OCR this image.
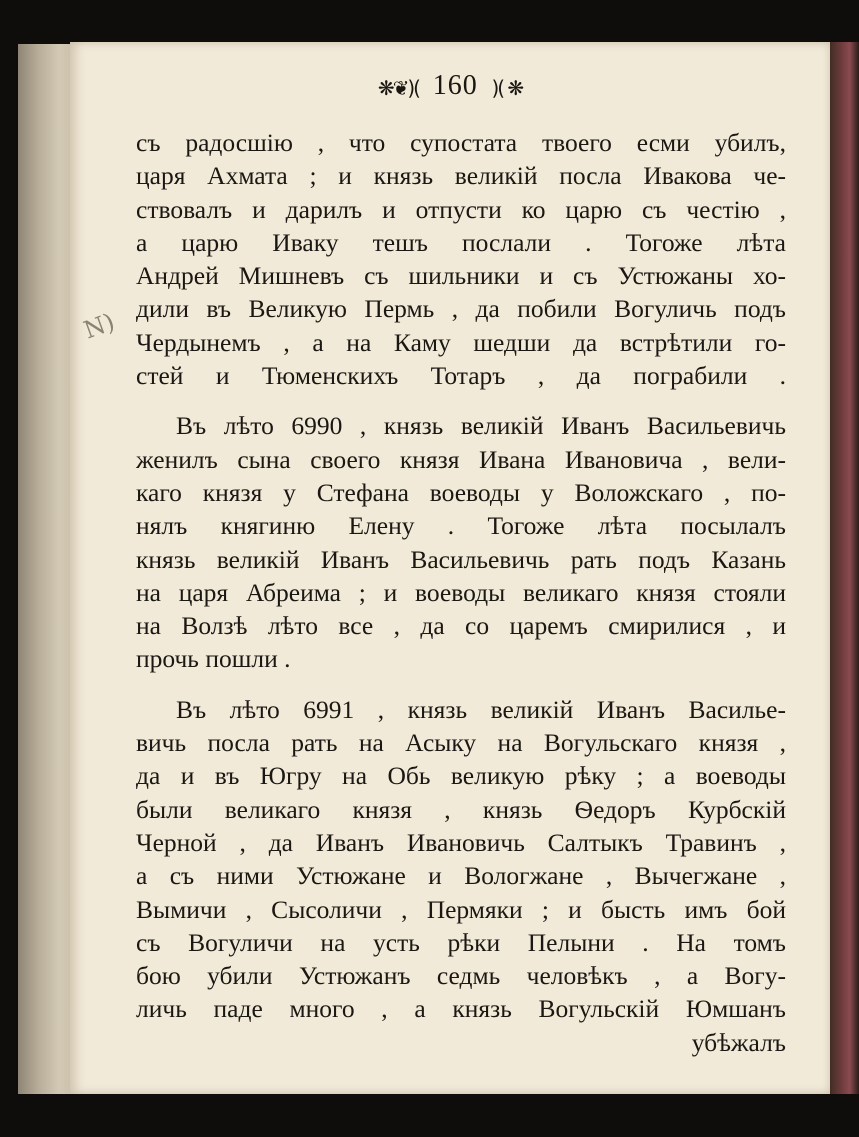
❋❦)( 160 )( ❋
N)
съ радосшію , что супостата твоего есми убилъ,
царя Ахмата ; и князь великій посла Ивакова че-
ствовалъ и дарилъ и отпусти ко царю съ честію ,
а царю Иваку тешъ послали . Тогоже лѣта
Андрей Мишневъ съ шильники и съ Устюжаны хо-
дили въ Великую Пермь , да побили Вогуличь подъ
Чердынемъ , а на Каму шедши да встрѣтили го-
стей и Тюменскихъ Тотаръ , да пограбили .
Въ лѣто 6990 , князь великій Иванъ Васильевичь
женилъ сына своего князя Ивана Ивановича , вели-
каго князя у Стефана воеводы у Воложскаго , по-
нялъ княгиню Елену . Тогоже лѣта посылалъ
князь великій Иванъ Васильевичь рать подъ Казань
на царя Абреима ; и воеводы великаго князя стояли
на Волзѣ лѣто все , да со царемъ смирилися , и
прочь пошли .
Въ лѣто 6991 , князь великій Иванъ Василье-
вичь посла рать на Асыку на Вогульскаго князя ,
да и въ Югру на Обь великую рѣку ; а воеводы
были великаго князя , князь Ѳедоръ Курбскій
Черной , да Иванъ Ивановичь Салтыкъ Травинъ ,
а съ ними Устюжане и Вологжане , Вычегжане ,
Вымичи , Сысоличи , Пермяки ; и бысть имъ бой
съ Вогуличи на усть рѣки Пелыни . На томъ
бою убили Устюжанъ седмь человѣкъ , а Вогу-
личь паде много , а князь Вогульскій Юмшанъ
убѣжалъ
